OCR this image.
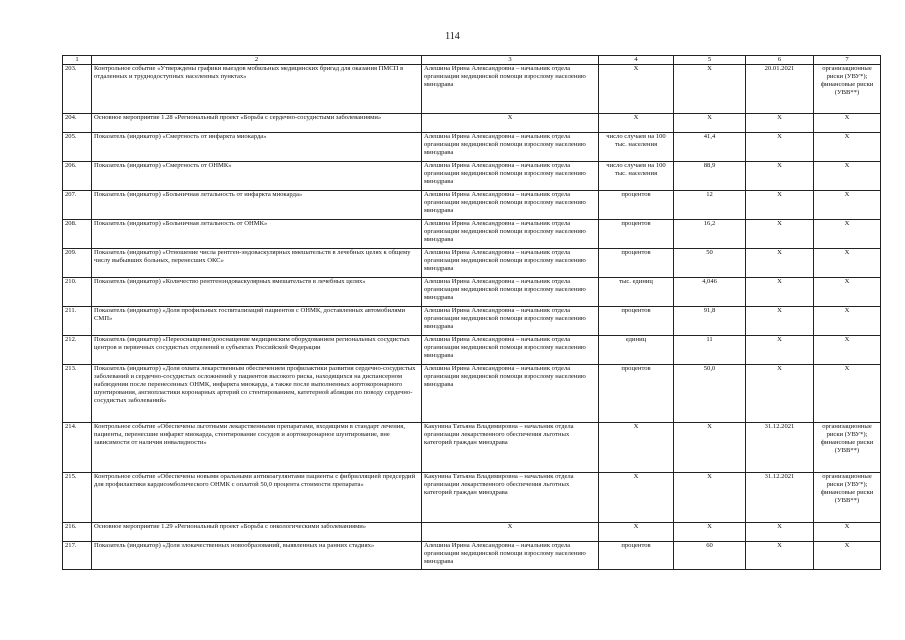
114
1	2	3	4	5	6	7
203.	Контрольное событие «Утверждены графики выездов мобильных медицинских бригад для оказания ПМСП в отдаленных и труднодоступных населенных пунктах»	Алешина Ирина Александровна – начальник отдела организации медицинской помощи взрослому населению минздрава	X	X	20.01.2021	организационные риски (УВУ*); финансовые риски (УВВ**)
204.	Основное мероприятие 1.28 «Региональный проект «Борьба с сердечно-сосудистыми заболеваниями»	X	X	X	X	X
205.	Показатель (индикатор) «Смертность от инфаркта миокарда»	Алешина Ирина Александровна – начальник отдела организации медицинской помощи взрослому населению минздрава	число случаев на 100 тыс. населения	41,4	X	X
206.	Показатель (индикатор) «Смертность от ОНМК»	Алешина Ирина Александровна – начальник отдела организации медицинской помощи взрослому населению минздрава	число случаев на 100 тыс. населения	88,9	X	X
207.	Показатель (индикатор) «Больничная летальность от инфаркта миокарда»	Алешина Ирина Александровна – начальник отдела организации медицинской помощи взрослому населению минздрава	процентов	12	X	X
208.	Показатель (индикатор) «Больничная летальность от ОНМК»	Алешина Ирина Александровна – начальник отдела организации медицинской помощи взрослому населению минздрава	процентов	16,2	X	X
209.	Показатель (индикатор) «Отношение числа рентген-эндоваскулярных вмешательств в лечебных целях к общему числу выбывших больных, перенесших ОКС»	Алешина Ирина Александровна – начальник отдела организации медицинской помощи взрослому населению минздрава	процентов	50	X	X
210.	Показатель (индикатор) «Количество рентгенэндоваскулярных вмешательств в лечебных целях»	Алешина Ирина Александровна – начальник отдела организации медицинской помощи взрослому населению минздрава	тыс. единиц	4,046	X	X
211.	Показатель (индикатор) «Доля профильных госпитализаций пациентов с ОНМК, доставленных автомобилями СМП»	Алешина Ирина Александровна – начальник отдела организации медицинской помощи взрослому населению минздрава	процентов	91,8	X	X
212.	Показатель (индикатор) «Переоснащение/дооснащение медицинским оборудованием региональных сосудистых центров и первичных сосудистых отделений в субъектах Российской Федерации	Алешина Ирина Александровна – начальник отдела организации медицинской помощи взрослому населению минздрава	единиц	11	X	X
213.	Показатель (индикатор) «Доля охвата лекарственным обеспечением профилактики развития сердечно-сосудистых заболеваний и сердечно-сосудистых осложнений у пациентов высокого риска, находящихся на диспансерном наблюдении после перенесенных ОНМК, инфаркта миокарда, а также после выполненных аортокоронарного шунтирования, ангиопластики коронарных артерий со стентированием, катетерной абляции по поводу сердечно-сосудистых заболеваний»	Алешина Ирина Александровна – начальник отдела организации медицинской помощи взрослому населению минздрава	процентов	50,0	X	X
214.	Контрольное событие «Обеспечены льготными лекарственными препаратами, входящими в стандарт лечения, пациенты, перенесшие инфаркт миокарда, стентирование сосудов и аортокоронарное шунтирование, вне зависимости от наличия инвалидности»	Какунина Татьяна Владимировна – начальник отдела организации лекарственного обеспечения льготных категорий граждан минздрава	X	X	31.12.2021	организационные риски (УВУ*); финансовые риски (УВВ**)
215.	Контрольное событие «Обеспечены новыми оральными антикоагулянтами пациенты с фибрилляцией предсердий для профилактики кардиоэмболического ОНМК с оплатой 50,0 процента стоимости препарата»	Какунина Татьяна Владимировна – начальник отдела организации лекарственного обеспечения льготных категорий граждан минздрава	X	X	31.12.2021	организационные риски (УВУ*); финансовые риски (УВВ**)
216.	Основное мероприятие 1.29 «Региональный проект «Борьба с онкологическими заболеваниями»	X	X	X	X	X
217.	Показатель (индикатор) «Доля злокачественных новообразований, выявленных на ранних стадиях»	Алешина Ирина Александровна – начальник отдела организации медицинской помощи взрослому населению минздрава	процентов	60	X	X
